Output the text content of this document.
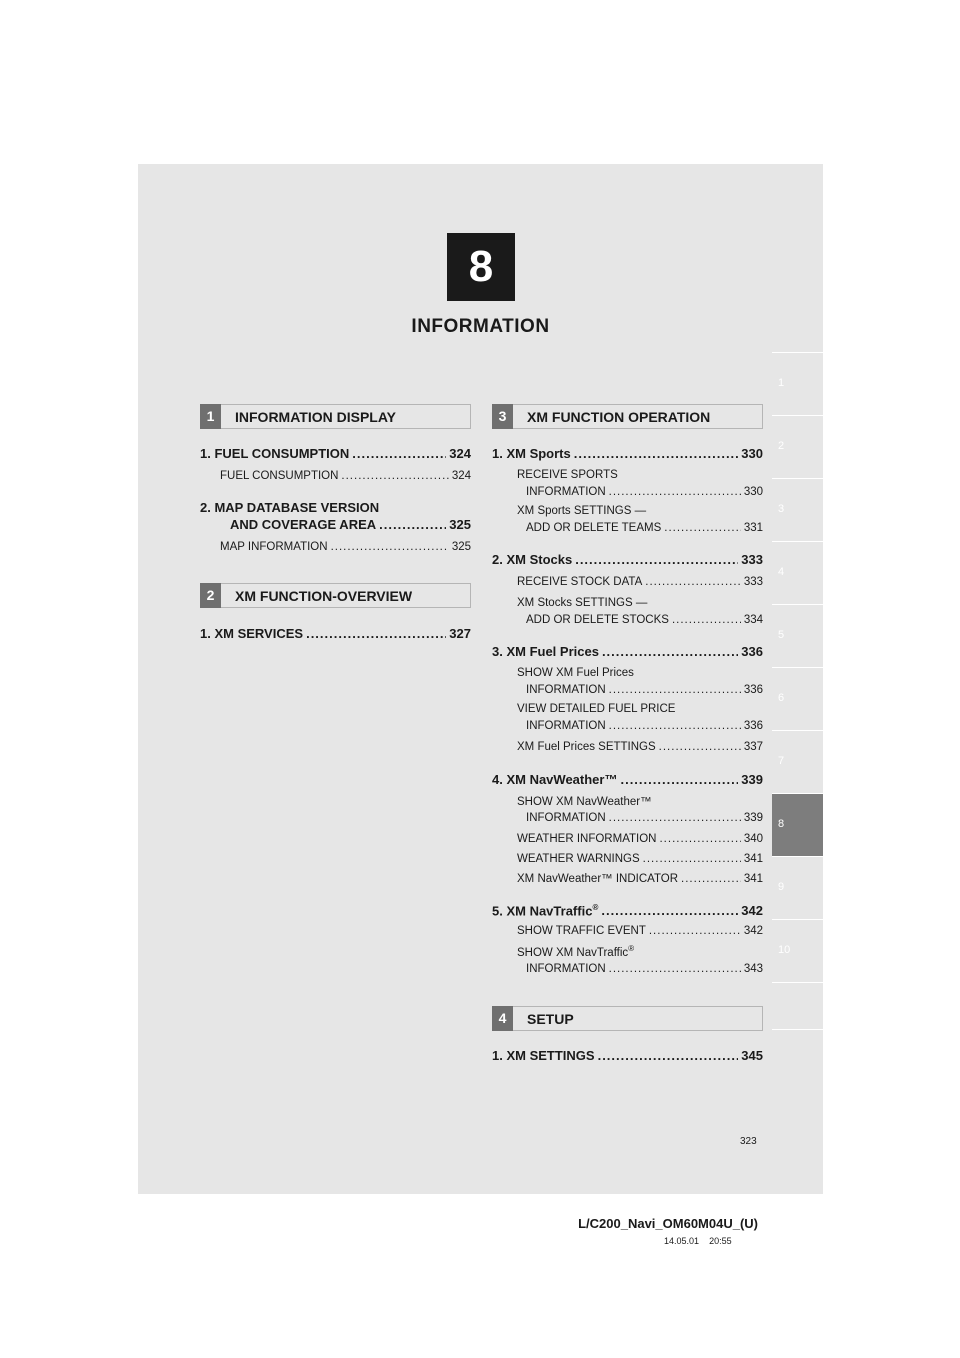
8
INFORMATION
1
2
3
4
5
6
7
8
9
10
1	INFORMATION DISPLAY
2	XM FUNCTION-OVERVIEW
3	XM FUNCTION OPERATION
4	SETUP
1. FUEL CONSUMPTION .....	324
FUEL CONSUMPTION .....	324
2. MAP DATABASE VERSION
AND COVERAGE AREA .....	325
MAP INFORMATION .....	325
1. XM SERVICES .....	327
1. XM Sports .....	330
RECEIVE SPORTS
INFORMATION .....	330
XM Sports SETTINGS —
ADD OR DELETE TEAMS .....	331
2. XM Stocks .....	333
RECEIVE STOCK DATA .....	333
XM Stocks SETTINGS —
ADD OR DELETE STOCKS .....	334
3. XM Fuel Prices .....	336
SHOW XM Fuel Prices
INFORMATION .....	336
VIEW DETAILED FUEL PRICE
INFORMATION .....	336
XM Fuel Prices SETTINGS .....	337
4. XM NavWeather™ .....	339
SHOW XM NavWeather™
INFORMATION .....	339
WEATHER INFORMATION .....	340
WEATHER WARNINGS .....	341
XM NavWeather™ INDICATOR .....	341
5. XM NavTraffic® .....	342
SHOW TRAFFIC EVENT .....	342
SHOW XM NavTraffic®
INFORMATION .....	343
1. XM SETTINGS .....	345
323
L/C200_Navi_OM60M04U_(U)
14.05.01 20:55
